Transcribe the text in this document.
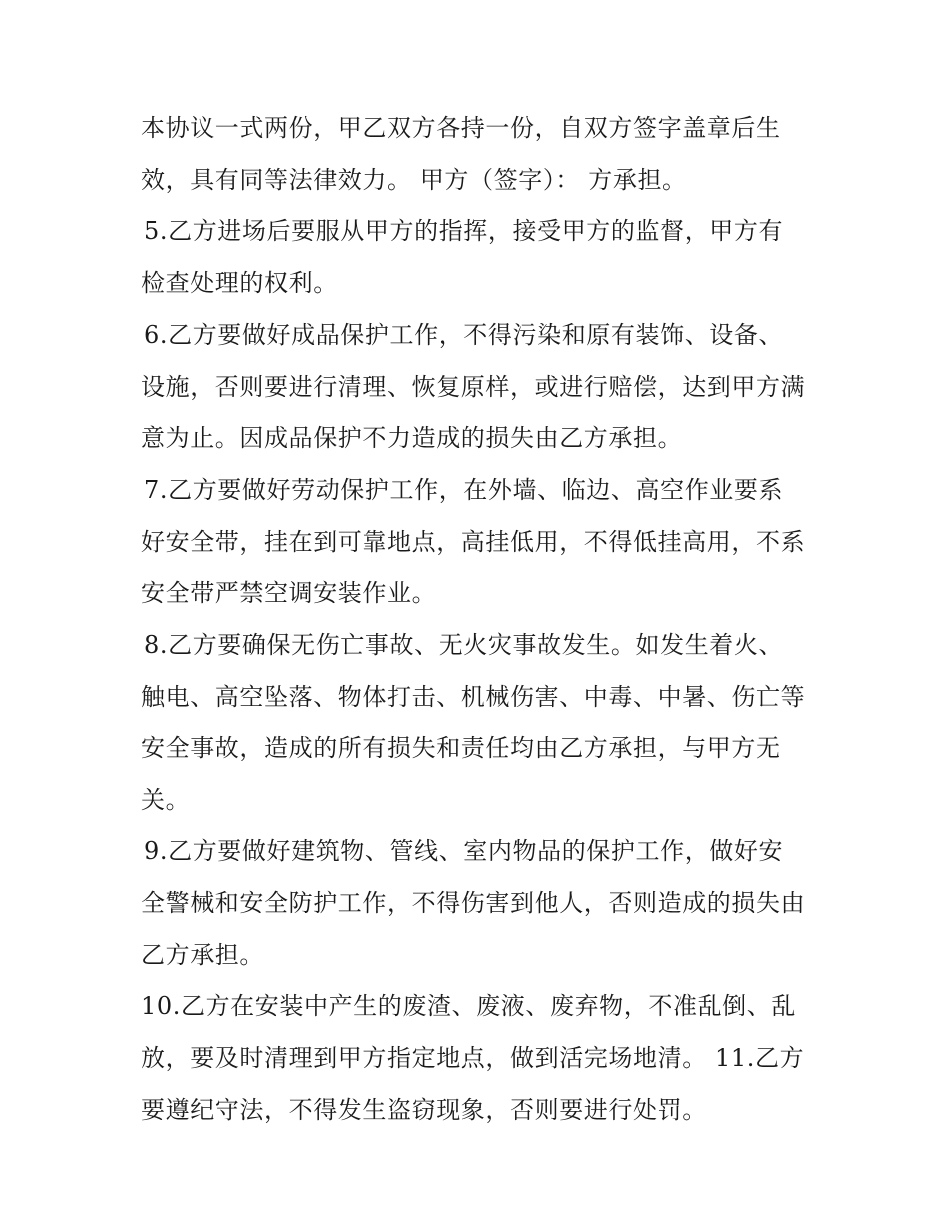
本协议一式两份，甲乙双方各持一份，自双方签字盖章后生
效，具有同等法律效力。 甲方（签字）： 方承担。
5.乙方进场后要服从甲方的指挥，接受甲方的监督，甲方有
检查处理的权利。
6.乙方要做好成品保护工作，不得污染和原有装饰、设备、
设施，否则要进行清理、恢复原样，或进行赔偿，达到甲方满
意为止。因成品保护不力造成的损失由乙方承担。
7.乙方要做好劳动保护工作，在外墙、临边、高空作业要系
好安全带，挂在到可靠地点，高挂低用，不得低挂高用，不系
安全带严禁空调安装作业。
8.乙方要确保无伤亡事故、无火灾事故发生。如发生着火、
触电、高空坠落、物体打击、机械伤害、中毒、中暑、伤亡等
安全事故，造成的所有损失和责任均由乙方承担，与甲方无
关。
9.乙方要做好建筑物、管线、室内物品的保护工作，做好安
全警械和安全防护工作，不得伤害到他人，否则造成的损失由
乙方承担。
10.乙方在安装中产生的废渣、废液、废弃物，不准乱倒、乱
放，要及时清理到甲方指定地点，做到活完场地清。 11.乙方
要遵纪守法，不得发生盗窃现象，否则要进行处罚。
